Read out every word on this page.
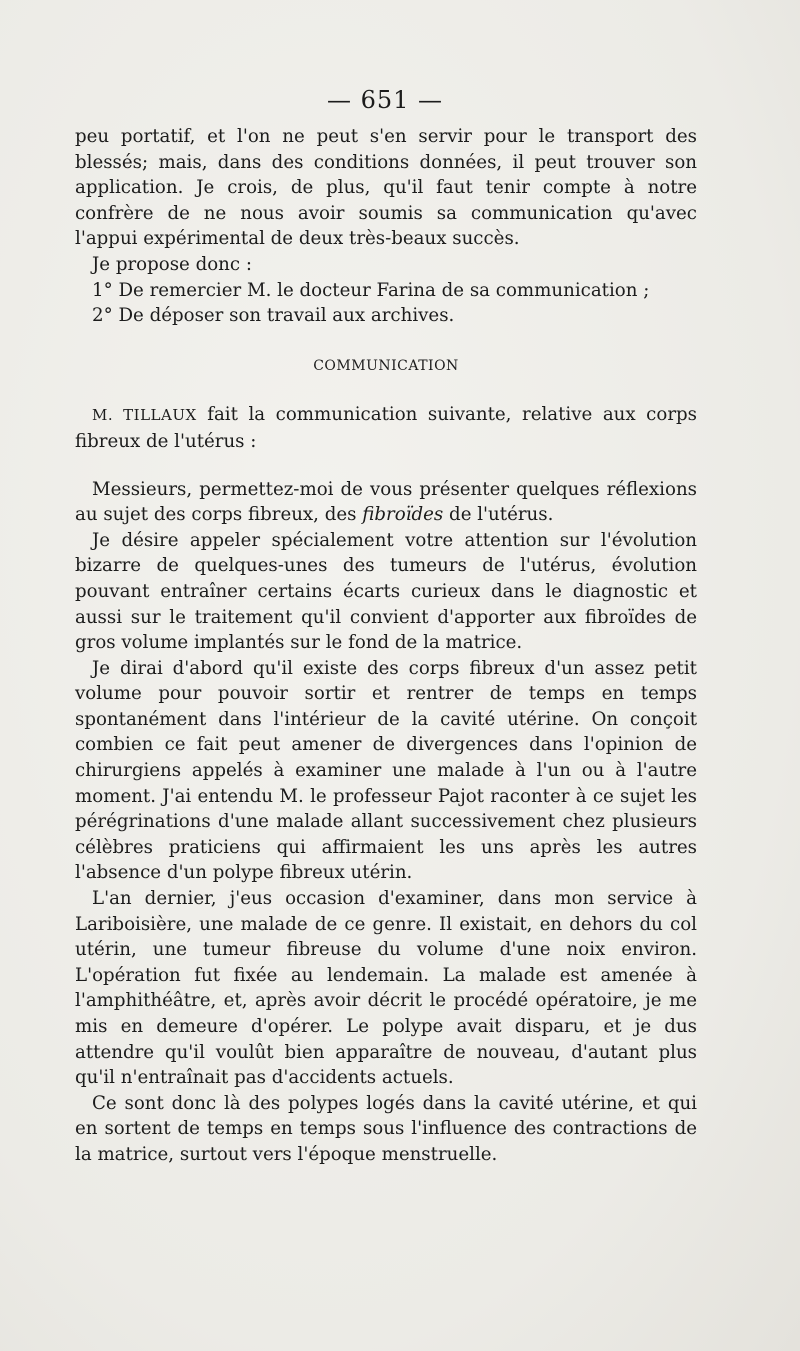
— 651 —

peu portatif, et l'on ne peut s'en servir pour le transport des blessés; mais, dans des conditions données, il peut trouver son application. Je crois, de plus, qu'il faut tenir compte à notre confrère de ne nous avoir soumis sa communication qu'avec l'appui expérimental de deux très-beaux succès.

Je propose donc :

1° De remercier M. le docteur Farina de sa communication ;

2° De déposer son travail aux archives.

COMMUNICATION

M. TILLAUX fait la communication suivante, relative aux corps fibreux de l'utérus :

Messieurs, permettez-moi de vous présenter quelques réflexions au sujet des corps fibreux, des fibroïdes de l'utérus.

Je désire appeler spécialement votre attention sur l'évolution bizarre de quelques-unes des tumeurs de l'utérus, évolution pouvant entraîner certains écarts curieux dans le diagnostic et aussi sur le traitement qu'il convient d'apporter aux fibroïdes de gros volume implantés sur le fond de la matrice.

Je dirai d'abord qu'il existe des corps fibreux d'un assez petit volume pour pouvoir sortir et rentrer de temps en temps spontanément dans l'intérieur de la cavité utérine. On conçoit combien ce fait peut amener de divergences dans l'opinion de chirurgiens appelés à examiner une malade à l'un ou à l'autre moment. J'ai entendu M. le professeur Pajot raconter à ce sujet les pérégrinations d'une malade allant successivement chez plusieurs célèbres praticiens qui affirmaient les uns après les autres l'absence d'un polype fibreux utérin.

L'an dernier, j'eus occasion d'examiner, dans mon service à Lariboisière, une malade de ce genre. Il existait, en dehors du col utérin, une tumeur fibreuse du volume d'une noix environ. L'opération fut fixée au lendemain. La malade est amenée à l'amphithéâtre, et, après avoir décrit le procédé opératoire, je me mis en demeure d'opérer. Le polype avait disparu, et je dus attendre qu'il voulût bien apparaître de nouveau, d'autant plus qu'il n'entraînait pas d'accidents actuels.

Ce sont donc là des polypes logés dans la cavité utérine, et qui en sortent de temps en temps sous l'influence des contractions de la matrice, surtout vers l'époque menstruelle.
